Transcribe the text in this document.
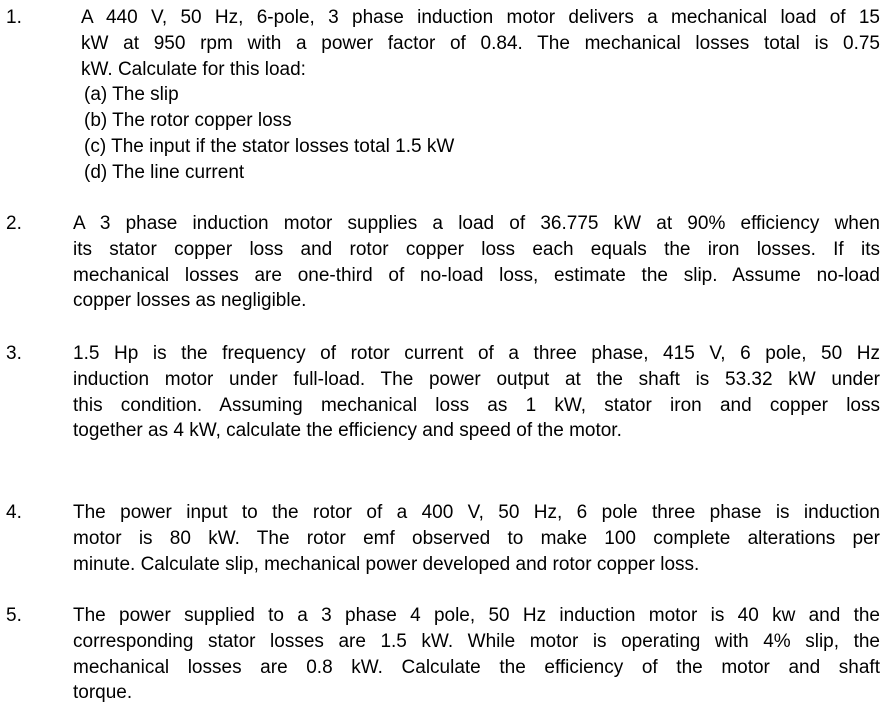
1.	A 440 V, 50 Hz, 6-pole, 3 phase induction motor delivers a mechanical load of 15
kW at 950 rpm with a power factor of 0.84. The mechanical losses total is 0.75
kW. Calculate for this load:
(a) The slip
(b) The rotor copper loss
(c) The input if the stator losses total 1.5 kW
(d) The line current
2.	A 3 phase induction motor supplies a load of 36.775 kW at 90% efficiency when
its stator copper loss and rotor copper loss each equals the iron losses. If its
mechanical losses are one-third of no-load loss, estimate the slip. Assume no-load
copper losses as negligible.
3.	1.5 Hp is the frequency of rotor current of a three phase, 415 V, 6 pole, 50 Hz
induction motor under full-load. The power output at the shaft is 53.32 kW under
this condition. Assuming mechanical loss as 1 kW, stator iron and copper loss
together as 4 kW, calculate the efficiency and speed of the motor.
4.	The power input to the rotor of a 400 V, 50 Hz, 6 pole three phase is induction
motor is 80 kW. The rotor emf observed to make 100 complete alterations per
minute. Calculate slip, mechanical power developed and rotor copper loss.
5.	The power supplied to a 3 phase 4 pole, 50 Hz induction motor is 40 kw and the
corresponding stator losses are 1.5 kW. While motor is operating with 4% slip, the
mechanical losses are 0.8 kW. Calculate the efficiency of the motor and shaft
torque.
